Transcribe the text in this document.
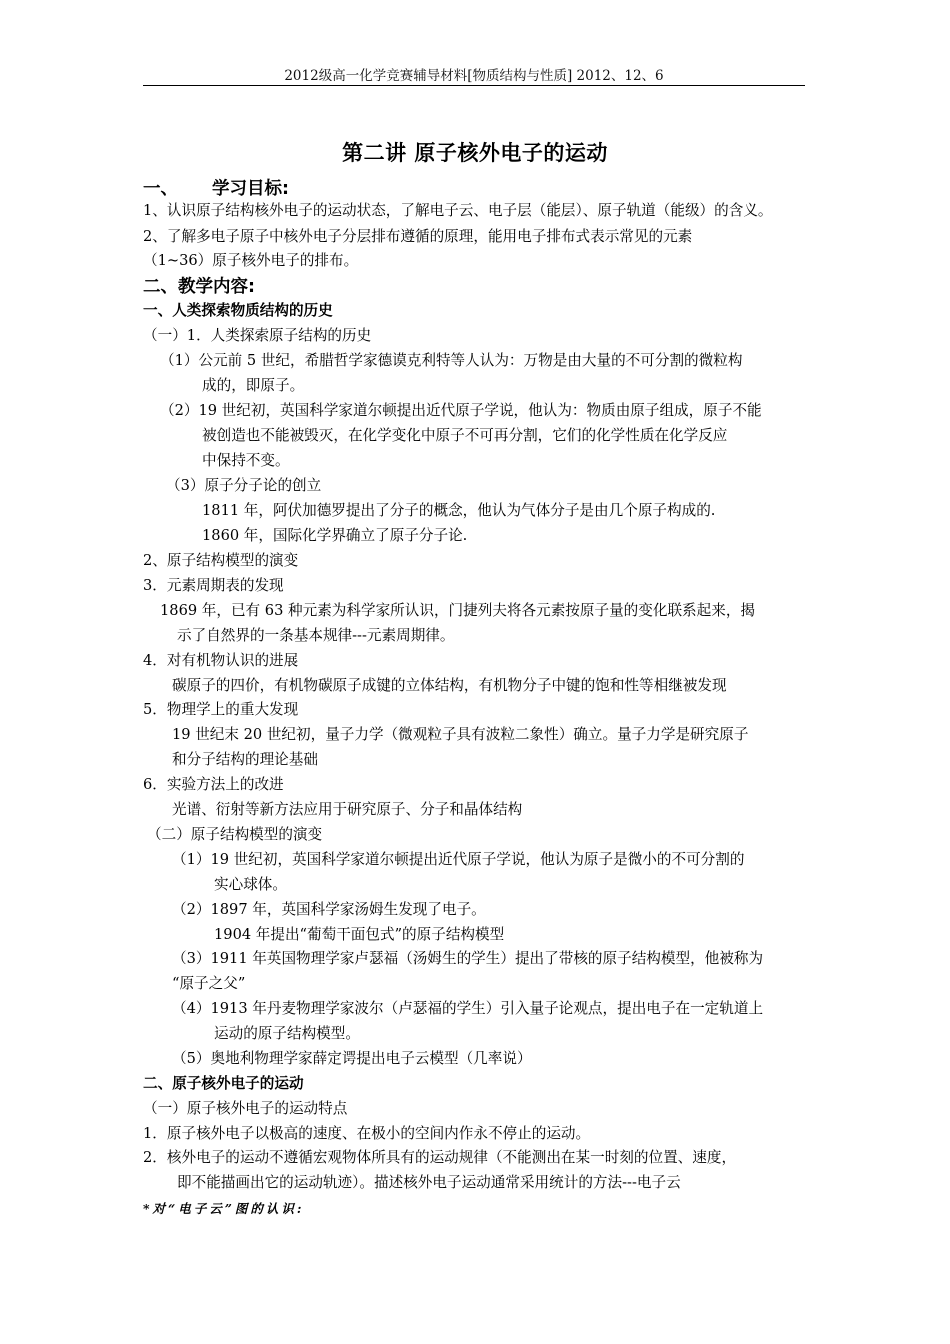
2012级高一化学竞赛辅导材料[物质结构与性质] 2012、12、6
第二讲 原子核外电子的运动
一、 学习目标:
1、认识原子结构核外电子的运动状态，了解电子云、电子层（能层）、原子轨道（能级）的含义。
2、了解多电子原子中核外电子分层排布遵循的原理，能用电子排布式表示常见的元素
（1~36）原子核外电子的排布。
二、教学内容:
一、人类探索物质结构的历史
（一）1．人类探索原子结构的历史
（1）公元前 5 世纪，希腊哲学家德谟克利特等人认为：万物是由大量的不可分割的微粒构
成的，即原子。
（2）19 世纪初，英国科学家道尔顿提出近代原子学说，他认为：物质由原子组成，原子不能
被创造也不能被毁灭，在化学变化中原子不可再分割，它们的化学性质在化学反应
中保持不变。
（3）原子分子论的创立
1811 年，阿伏加德罗提出了分子的概念，他认为气体分子是由几个原子构成的.
1860 年，国际化学界确立了原子分子论.
2、原子结构模型的演变
3．元素周期表的发现
1869 年，已有 63 种元素为科学家所认识，门捷列夫将各元素按原子量的变化联系起来，揭
示了自然界的一条基本规律---元素周期律。
4．对有机物认识的进展
碳原子的四价，有机物碳原子成键的立体结构，有机物分子中键的饱和性等相继被发现
5．物理学上的重大发现
19 世纪末 20 世纪初，量子力学（微观粒子具有波粒二象性）确立。量子力学是研究原子
和分子结构的理论基础
6．实验方法上的改进
光谱、衍射等新方法应用于研究原子、分子和晶体结构
（二）原子结构模型的演变
（1）19 世纪初，英国科学家道尔顿提出近代原子学说，他认为原子是微小的不可分割的
实心球体。
（2）1897 年，英国科学家汤姆生发现了电子。
1904 年提出“葡萄干面包式”的原子结构模型
（3）1911 年英国物理学家卢瑟福（汤姆生的学生）提出了带核的原子结构模型，他被称为
“原子之父”
（4）1913 年丹麦物理学家波尔（卢瑟福的学生）引入量子论观点，提出电子在一定轨道上
运动的原子结构模型。
（5）奥地利物理学家薛定谔提出电子云模型（几率说）
二、原子核外电子的运动
（一）原子核外电子的运动特点
1．原子核外电子以极高的速度、在极小的空间内作永不停止的运动。
2．核外电子的运动不遵循宏观物体所具有的运动规律（不能测出在某一时刻的位置、速度，
即不能描画出它的运动轨迹）。描述核外电子运动通常采用统计的方法---电子云
*对“电子云”图的认识:
